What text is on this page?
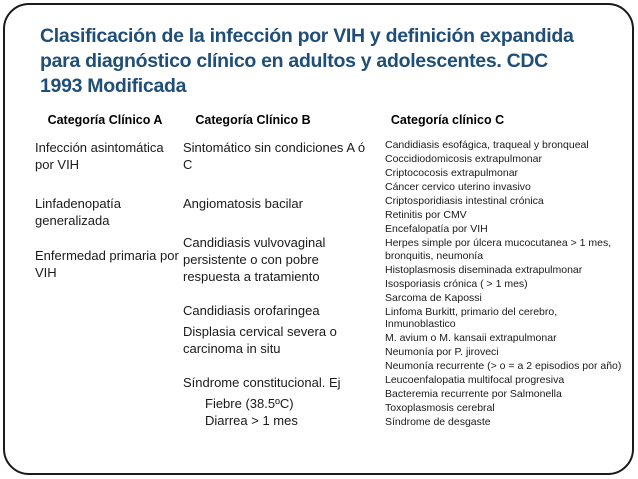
Clasificación de la infección por VIH y definición expandida para diagnóstico clínico en adultos y adolescentes. CDC 1993 Modificada
Categoría Clínico A

Infección asintomática por VIH

Linfadenopatía generalizada

Enfermedad primaria por VIH

Categoría Clínico B

Sintomático sin condiciones A ó C

Angiomatosis bacilar

Candidiasis vulvovaginal persistente o con pobre respuesta a tratamiento

Candidiasis orofaringea

Displasia cervical severa o carcinoma in situ

Síndrome constitucional. Ej

Fiebre (38.5ºC)

Diarrea > 1 mes

Categoría clínico C

Candidiasis esofágica, traqueal y bronqueal

Coccidiodomicosis extrapulmonar

Criptococosis extrapulmonar

Cáncer cervico uterino invasivo

Criptosporidiasis intestinal crónica

Retinitis por CMV

Encefalopatía por VIH

Herpes simple por úlcera mucocutanea > 1 mes, bronquitis, neumonía

Histoplasmosis diseminada extrapulmonar

Isosporiasis crónica ( > 1 mes)

Sarcoma de Kapossi

Linfoma Burkitt, primario del cerebro, Inmunoblastico

M. avium o M. kansaii extrapulmonar

Neumonía por P. jiroveci

Neumonía recurrente (> o = a 2 episodios por año)

Leucoenfalopatia multifocal progresiva

Bacteremia recurrente por Salmonella

Toxoplasmosis cerebral

Síndrome de desgaste
